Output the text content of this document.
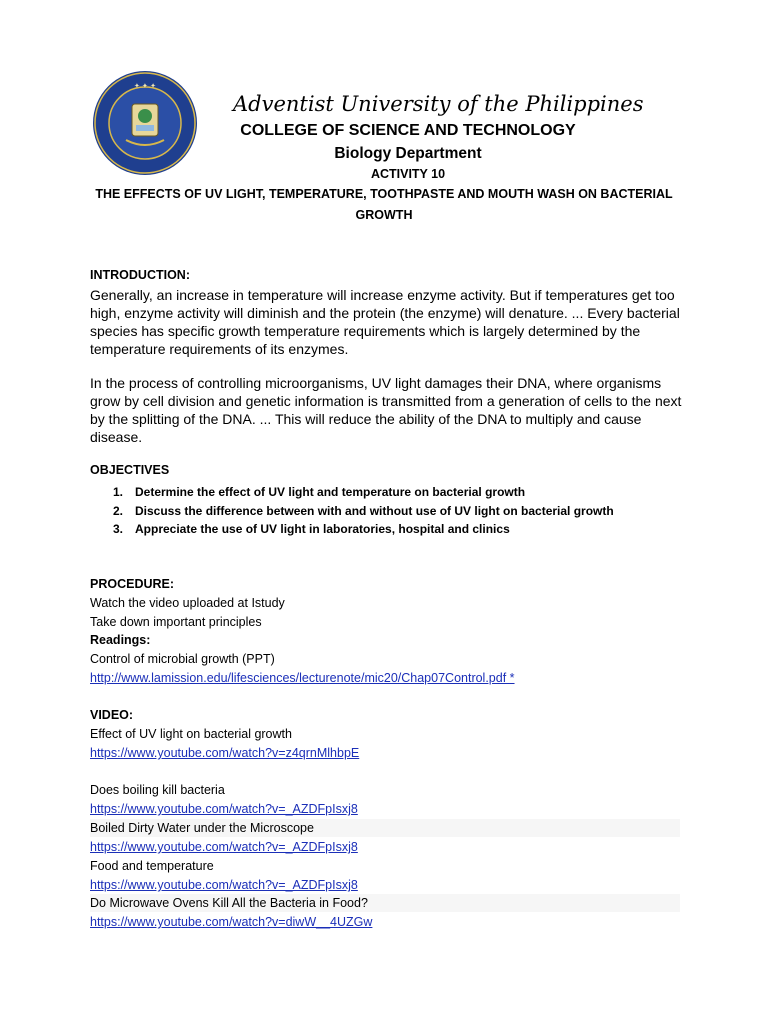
✦ ✦ ✦
Adventist University of the Philippines
COLLEGE OF SCIENCE AND TECHNOLOGY
Biology Department
ACTIVITY 10
THE EFFECTS OF UV LIGHT, TEMPERATURE, TOOTHPASTE AND MOUTH WASH ON BACTERIAL
GROWTH
INTRODUCTION:

Generally, an increase in temperature will increase enzyme activity. But if temperatures get too high, enzyme activity will diminish and the protein (the enzyme) will denature. ... Every bacterial species has specific growth temperature requirements which is largely determined by the temperature requirements of its enzymes.

In the process of controlling microorganisms, UV light damages their DNA, where organisms grow by cell division and genetic information is transmitted from a generation of cells to the next by the splitting of the DNA. ... This will reduce the ability of the DNA to multiply and cause disease.

OBJECTIVES
1. Determine the effect of UV light and temperature on bacterial growth
2. Discuss the difference between with and without use of UV light on bacterial growth
3. Appreciate the use of UV light in laboratories, hospital and clinics
PROCEDURE:
Watch the video uploaded at Istudy
Take down important principles
Readings:
Control of microbial growth (PPT)
http://www.lamission.edu/lifesciences/lecturenote/mic20/Chap07Control.pdf *
VIDEO:
Effect of UV light on bacterial growth
https://www.youtube.com/watch?v=z4qrnMlhbpE
Does boiling kill bacteria
https://www.youtube.com/watch?v=_AZDFpIsxj8
Boiled Dirty Water under the Microscope
https://www.youtube.com/watch?v=_AZDFpIsxj8
Food and temperature
https://www.youtube.com/watch?v=_AZDFpIsxj8
Do Microwave Ovens Kill All the Bacteria in Food?
https://www.youtube.com/watch?v=diwW__4UZGw
